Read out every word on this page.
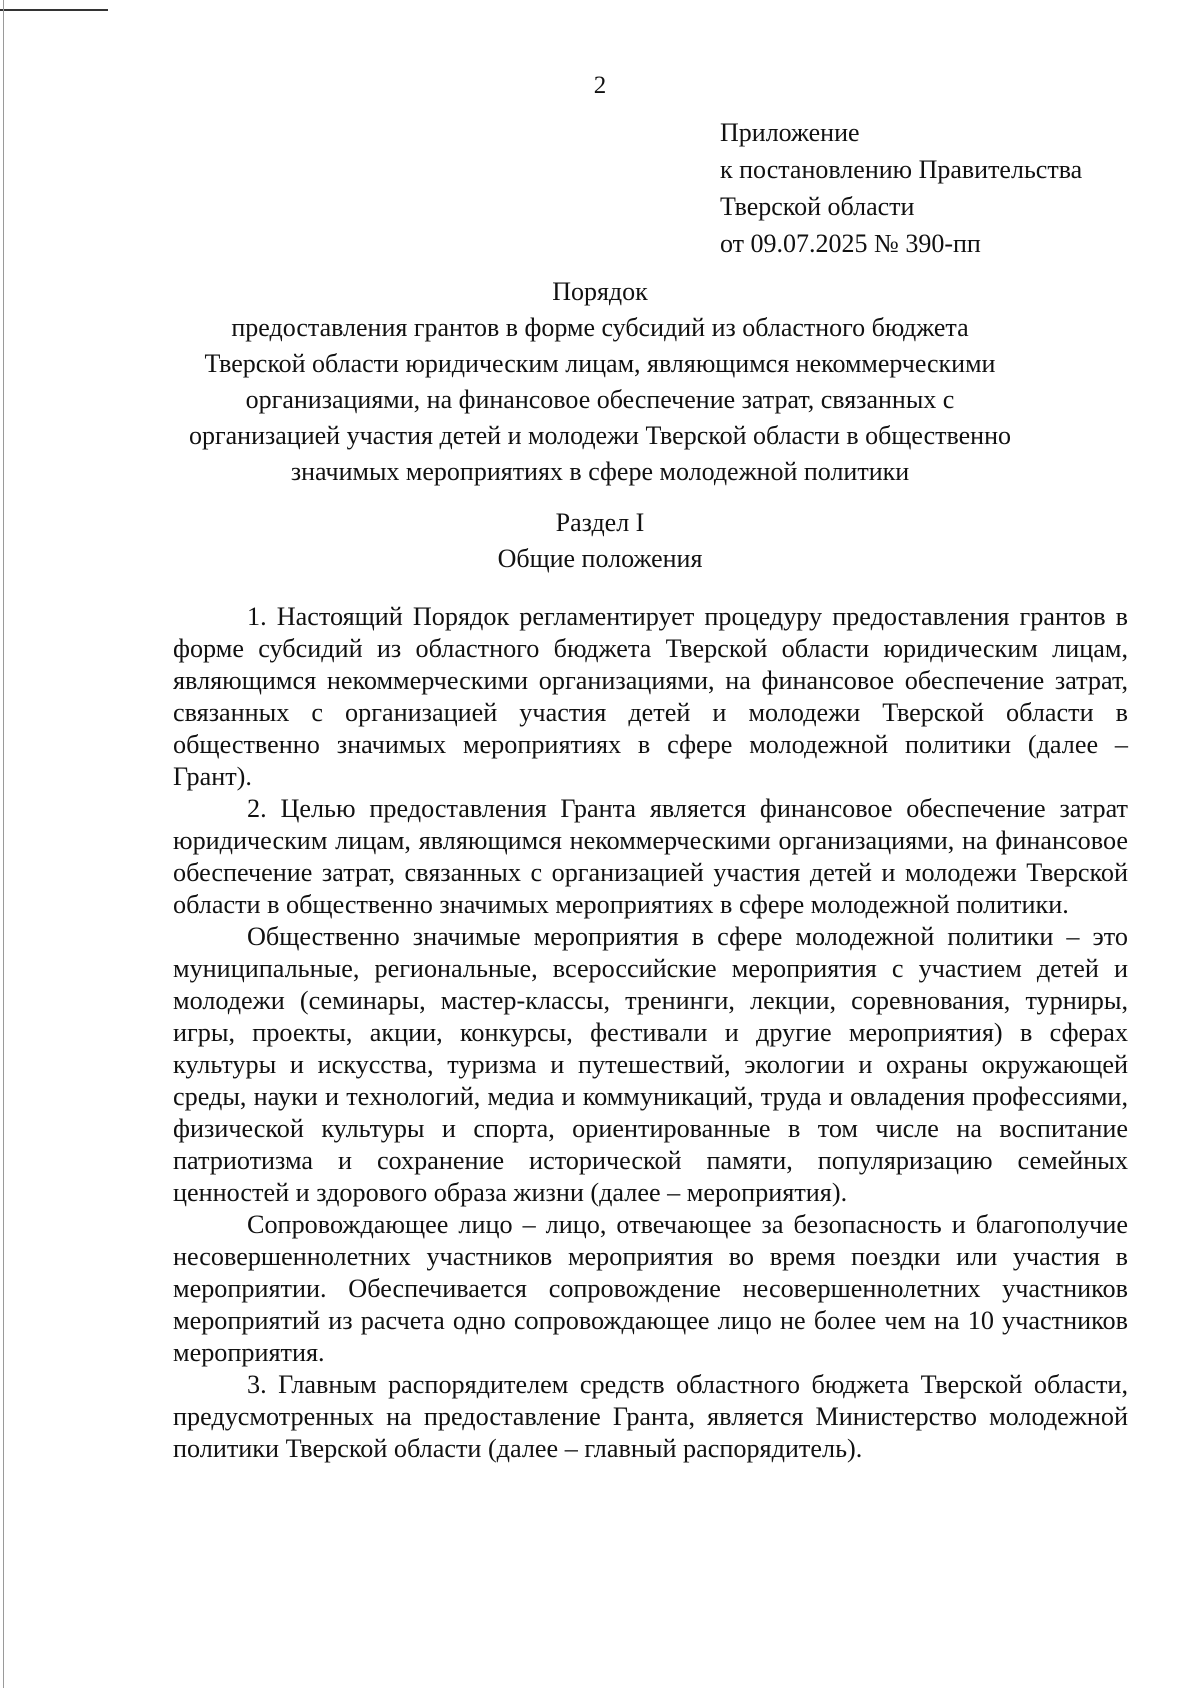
2
Приложение
к постановлению Правительства
Тверской области
от 09.07.2025 № 390-пп
Порядок
предоставления грантов в форме субсидий из областного бюджета
Тверской области юридическим лицам, являющимся некоммерческими
организациями, на финансовое обеспечение затрат, связанных с
организацией участия детей и молодежи Тверской области в общественно
значимых мероприятиях в сфере молодежной политики
Раздел I
Общие положения

1. Настоящий Порядок регламентирует процедуру предоставления грантов в форме субсидий из областного бюджета Тверской области юридическим лицам, являющимся некоммерческими организациями, на финансовое обеспечение затрат, связанных с организацией участия детей и молодежи Тверской области в общественно значимых мероприятиях в сфере молодежной политики (далее – Грант).

2. Целью предоставления Гранта является финансовое обеспечение затрат юридическим лицам, являющимся некоммерческими организациями, на финансовое обеспечение затрат, связанных с организацией участия детей и молодежи Тверской области в общественно значимых мероприятиях в сфере молодежной политики.

Общественно значимые мероприятия в сфере молодежной политики – это муниципальные, региональные, всероссийские мероприятия с участием детей и молодежи (семинары, мастер-классы, тренинги, лекции, соревнования, турниры, игры, проекты, акции, конкурсы, фестивали и другие мероприятия) в сферах культуры и искусства, туризма и путешествий, экологии и охраны окружающей среды, науки и технологий, медиа и коммуникаций, труда и овладения профессиями, физической культуры и спорта, ориентированные в том числе на воспитание патриотизма и сохранение исторической памяти, популяризацию семейных ценностей и здорового образа жизни (далее – мероприятия).

Сопровождающее лицо – лицо, отвечающее за безопасность и благополучие несовершеннолетних участников мероприятия во время поездки или участия в мероприятии. Обеспечивается сопровождение несовершеннолетних участников мероприятий из расчета одно сопровождающее лицо не более чем на 10 участников мероприятия.

3. Главным распорядителем средств областного бюджета Тверской области, предусмотренных на предоставление Гранта, является Министерство молодежной политики Тверской области (далее – главный распорядитель).
